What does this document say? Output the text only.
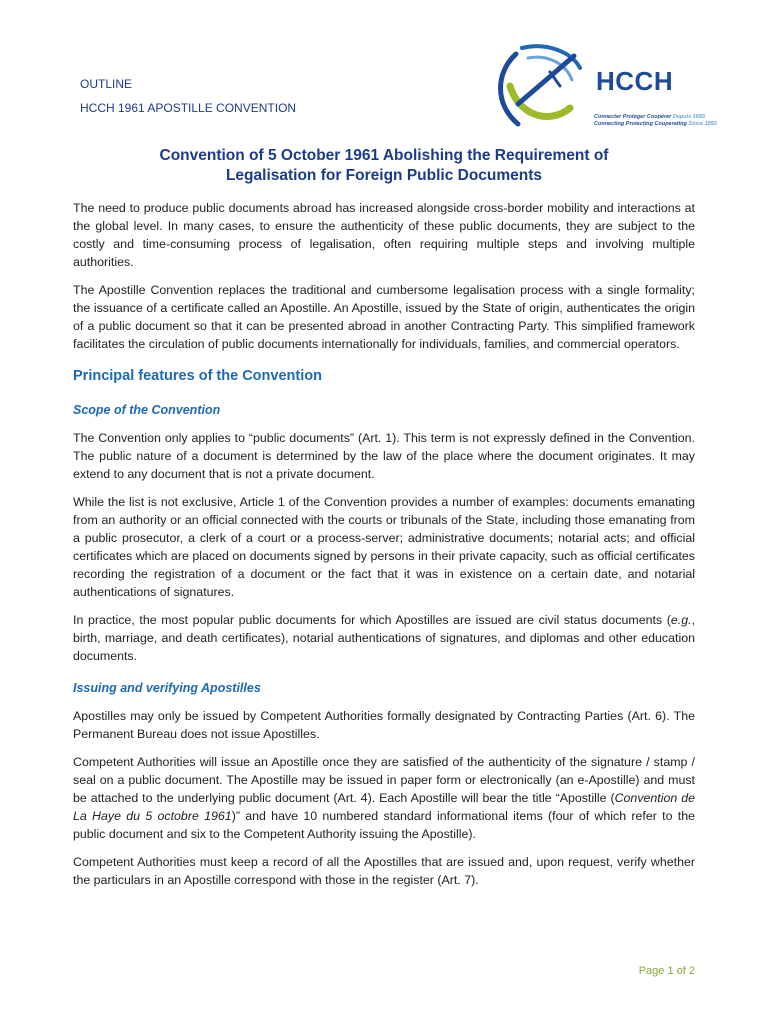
OUTLINE
HCCH 1961 APOSTILLE CONVENTION
HCCH
Connecter Protéger Coopérer Depuis 1893
Connecting Protecting Cooperating Since 1893
Convention of 5 October 1961 Abolishing the Requirement of
Legalisation for Foreign Public Documents

The need to produce public documents abroad has increased alongside cross-border mobility and interactions at the global level. In many cases, to ensure the authenticity of these public documents, they are subject to the costly and time-consuming process of legalisation, often requiring multiple steps and involving multiple authorities.

The Apostille Convention replaces the traditional and cumbersome legalisation process with a single formality; the issuance of a certificate called an Apostille. An Apostille, issued by the State of origin, authenticates the origin of a public document so that it can be presented abroad in another Contracting Party. This simplified framework facilitates the circulation of public documents internationally for individuals, families, and commercial operators.

Principal features of the Convention
Scope of the Convention

The Convention only applies to “public documents” (Art. 1). This term is not expressly defined in the Convention. The public nature of a document is determined by the law of the place where the document originates. It may extend to any document that is not a private document.

While the list is not exclusive, Article 1 of the Convention provides a number of examples: documents emanating from an authority or an official connected with the courts or tribunals of the State, including those emanating from a public prosecutor, a clerk of a court or a process-server; administrative documents; notarial acts; and official certificates which are placed on documents signed by persons in their private capacity, such as official certificates recording the registration of a document or the fact that it was in existence on a certain date, and notarial authentications of signatures.

In practice, the most popular public documents for which Apostilles are issued are civil status documents (e.g., birth, marriage, and death certificates), notarial authentications of signatures, and diplomas and other education documents.

Issuing and verifying Apostilles

Apostilles may only be issued by Competent Authorities formally designated by Contracting Parties (Art. 6). The Permanent Bureau does not issue Apostilles.

Competent Authorities will issue an Apostille once they are satisfied of the authenticity of the signature / stamp / seal on a public document. The Apostille may be issued in paper form or electronically (an e-Apostille) and must be attached to the underlying public document (Art. 4). Each Apostille will bear the title “Apostille (Convention de La Haye du 5 octobre 1961)” and have 10 numbered standard informational items (four of which refer to the public document and six to the Competent Authority issuing the Apostille).

Competent Authorities must keep a record of all the Apostilles that are issued and, upon request, verify whether the particulars in an Apostille correspond with those in the register (Art. 7).

Page 1 of 2
